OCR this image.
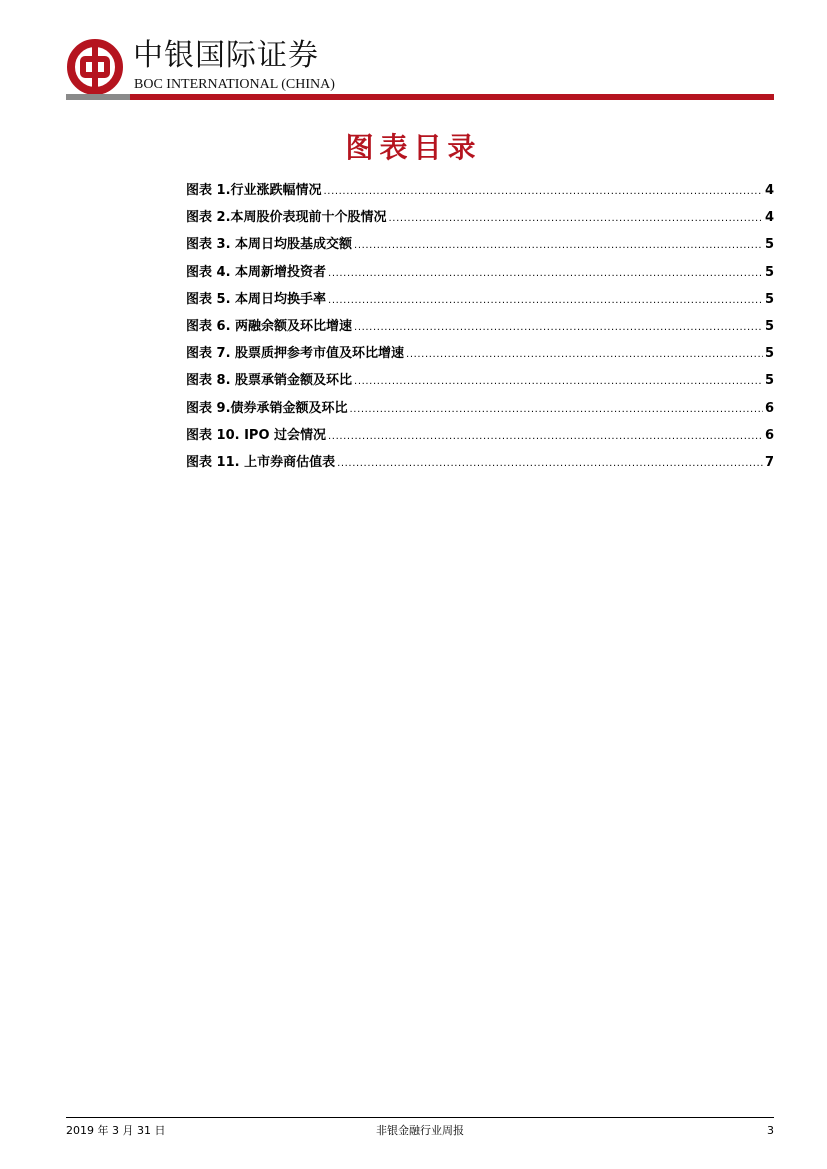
中银国际证券
BOC INTERNATIONAL (CHINA)
图表目录
图表 1.行业涨跌幅情况 .....	4
图表 2.本周股价表现前十个股情况 .....	4
图表 3. 本周日均股基成交额 .....	5
图表 4. 本周新增投资者 .....	5
图表 5. 本周日均换手率 .....	5
图表 6. 两融余额及环比增速 .....	5
图表 7. 股票质押参考市值及环比增速 .....	5
图表 8. 股票承销金额及环比 .....	5
图表 9.债券承销金额及环比 .....	6
图表 10. IPO 过会情况 .....	6
图表 11. 上市券商估值表 .....	7
2019 年 3 月 31 日	非银金融行业周报	3
